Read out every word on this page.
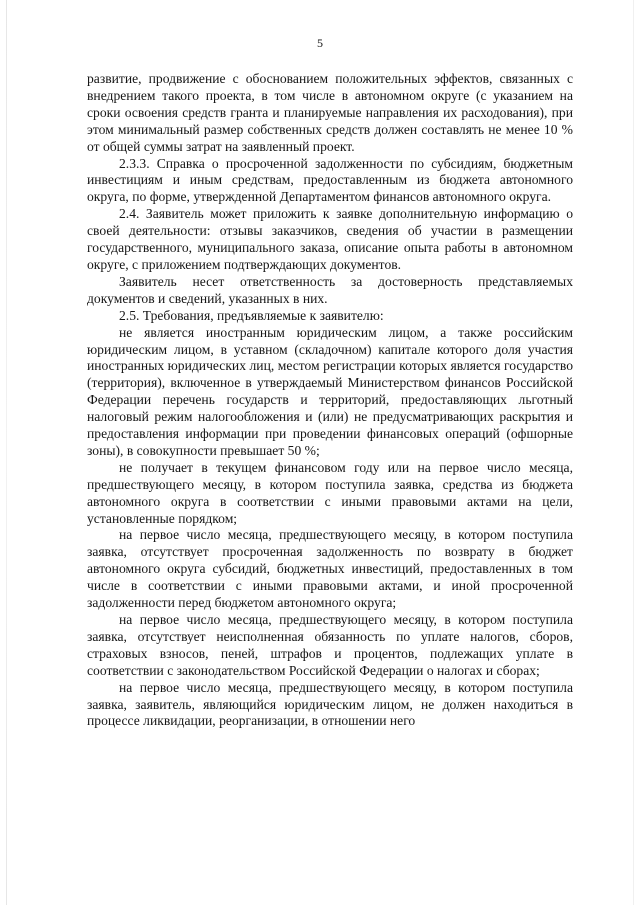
5

развитие, продвижение с обоснованием положительных эффектов, связанных с внедрением такого проекта, в том числе в автономном округе (с указанием на сроки освоения средств гранта и планируемые направления их расходования), при этом минимальный размер собственных средств должен составлять не менее 10 % от общей суммы затрат на заявленный проект.

2.3.3. Справка о просроченной задолженности по субсидиям, бюджетным инвестициям и иным средствам, предоставленным из бюджета автономного округа, по форме, утвержденной Департаментом финансов автономного округа.

2.4. Заявитель может приложить к заявке дополнительную информацию о своей деятельности: отзывы заказчиков, сведения об участии в размещении государственного, муниципального заказа, описание опыта работы в автономном округе, с приложением подтверждающих документов.

Заявитель несет ответственность за достоверность представляемых документов и сведений, указанных в них.

2.5. Требования, предъявляемые к заявителю:

не является иностранным юридическим лицом, а также российским юридическим лицом, в уставном (складочном) капитале которого доля участия иностранных юридических лиц, местом регистрации которых является государство (территория), включенное в утверждаемый Министерством финансов Российской Федерации перечень государств и территорий, предоставляющих льготный налоговый режим налогообложения и (или) не предусматривающих раскрытия и предоставления информации при проведении финансовых операций (офшорные зоны), в совокупности превышает 50 %;

не получает в текущем финансовом году или на первое число месяца, предшествующего месяцу, в котором поступила заявка, средства из бюджета автономного округа в соответствии с иными правовыми актами на цели, установленные порядком;

на первое число месяца, предшествующего месяцу, в котором поступила заявка, отсутствует просроченная задолженность по возврату в бюджет автономного округа субсидий, бюджетных инвестиций, предоставленных в том числе в соответствии с иными правовыми актами, и иной просроченной задолженности перед бюджетом автономного округа;

на первое число месяца, предшествующего месяцу, в котором поступила заявка, отсутствует неисполненная обязанность по уплате налогов, сборов, страховых взносов, пеней, штрафов и процентов, подлежащих уплате в соответствии с законодательством Российской Федерации о налогах и сборах;

на первое число месяца, предшествующего месяцу, в котором поступила заявка, заявитель, являющийся юридическим лицом, не должен находиться в процессе ликвидации, реорганизации, в отношении него
